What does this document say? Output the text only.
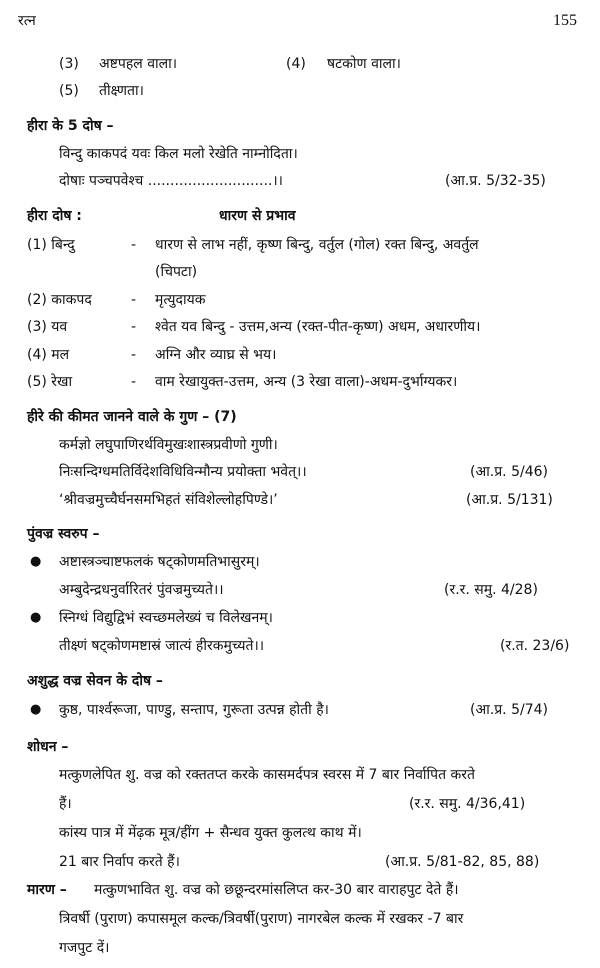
रत्न	155
(3) अष्टपहल वाला।	(4) षटकोण वाला।
(5) तीक्ष्णता।
हीरा के 5 दोष –
विन्दु काकपदं यवः किल मलो रेखेति नाम्नोदिता।
दोषाः पञ्चपवेश्च ............................।।	(आ.प्र. 5/32-35)
हीरा दोष :	धारण से प्रभाव
(1) बिन्दु	- धारण से लाभ नहीं, कृष्ण बिन्दु, वर्तुल (गोल) रक्त बिन्दु, अवर्तुल
(चिपटा)
(2) काकपद	- मृत्युदायक
(3) यव	- श्वेत यव बिन्दु - उत्तम,अन्य (रक्त-पीत-कृष्ण) अधम, अधारणीय।
(4) मल	- अग्नि और व्याघ्र से भय।
(5) रेखा	- वाम रेखायुक्त-उत्तम, अन्य (3 रेखा वाला)-अधम-दुर्भाग्यकर।
हीरे की कीमत जानने वाले के गुण – (7)
कर्मज्ञो लघुपाणिरर्थविमुखःशास्त्रप्रवीणो गुणी।
निःसन्दिग्धमतिर्विदेशविधिविन्मौन्य प्रयोक्ता भवेत्।।	(आ.प्र. 5/46)
‘श्रीवज्रमुच्चैर्घनसमभिहतं संविशेल्लोहपिण्डे।’	(आ.प्र. 5/131)
पुंवज्र स्वरुप –
● अष्टास्त्रञ्चाष्टफलकं षट्कोणमतिभासुरम्।
अम्बुदेन्द्रधनुर्वारितरं पुंवज्रमुच्यते।।	(र.र. समु. 4/28)
● स्निग्धं विद्युद्विभं स्वच्छमलेख्यं च विलेखनम्।
तीक्ष्णं षट्कोणमष्टास्रं जात्यं हीरकमुच्यते।।	(र.त. 23/6)
अशुद्ध वज्र सेवन के दोष –
● कुष्ठ, पार्श्वरूजा, पाण्डु, सन्ताप, गुरूता उत्पन्न होती है।	(आ.प्र. 5/74)
शोधन –
मत्कुणलेपित शु. वज्र को रक्ततप्त करके कासमर्दपत्र स्वरस में 7 बार निर्वापित करते
हैं।	(र.र. समु. 4/36,41)
कांस्य पात्र में मेंढ़क मूत्र/हींग + सैन्धव युक्त कुलत्थ काथ में।
21 बार निर्वाप करते हैं।	(आ.प्र. 5/81-82, 85, 88)
मारण – मत्कुणभावित शु. वज्र को छछून्दरमांसलिप्त कर-30 बार वाराहपुट देते हैं।
त्रिवर्षी (पुराण) कपासमूल कल्क/त्रिवर्षी(पुराण) नागरबेल कल्क में रखकर -7 बार
गजपुट दें।
